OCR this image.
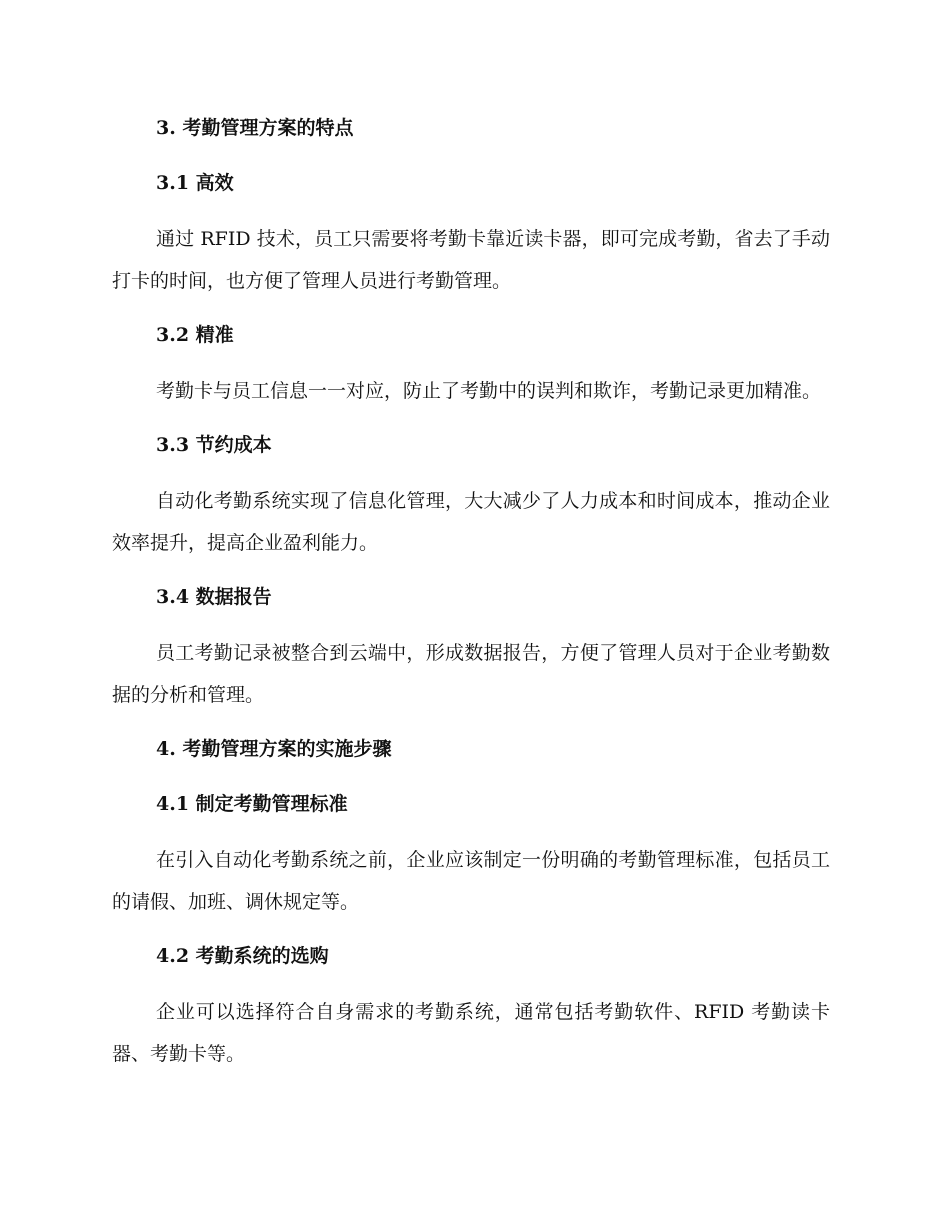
3. 考勤管理方案的特点
3.1 高效

通过 RFID 技术，员工只需要将考勤卡靠近读卡器，即可完成考勤，省去了手动打卡的时间，也方便了管理人员进行考勤管理。

3.2 精准

考勤卡与员工信息一一对应，防止了考勤中的误判和欺诈，考勤记录更加精准。

3.3 节约成本

自动化考勤系统实现了信息化管理，大大减少了人力成本和时间成本，推动企业效率提升，提高企业盈利能力。

3.4 数据报告

员工考勤记录被整合到云端中，形成数据报告，方便了管理人员对于企业考勤数据的分析和管理。

4. 考勤管理方案的实施步骤
4.1 制定考勤管理标准

在引入自动化考勤系统之前，企业应该制定一份明确的考勤管理标准，包括员工的请假、加班、调休规定等。

4.2 考勤系统的选购

企业可以选择符合自身需求的考勤系统，通常包括考勤软件、RFID 考勤读卡器、考勤卡等。
